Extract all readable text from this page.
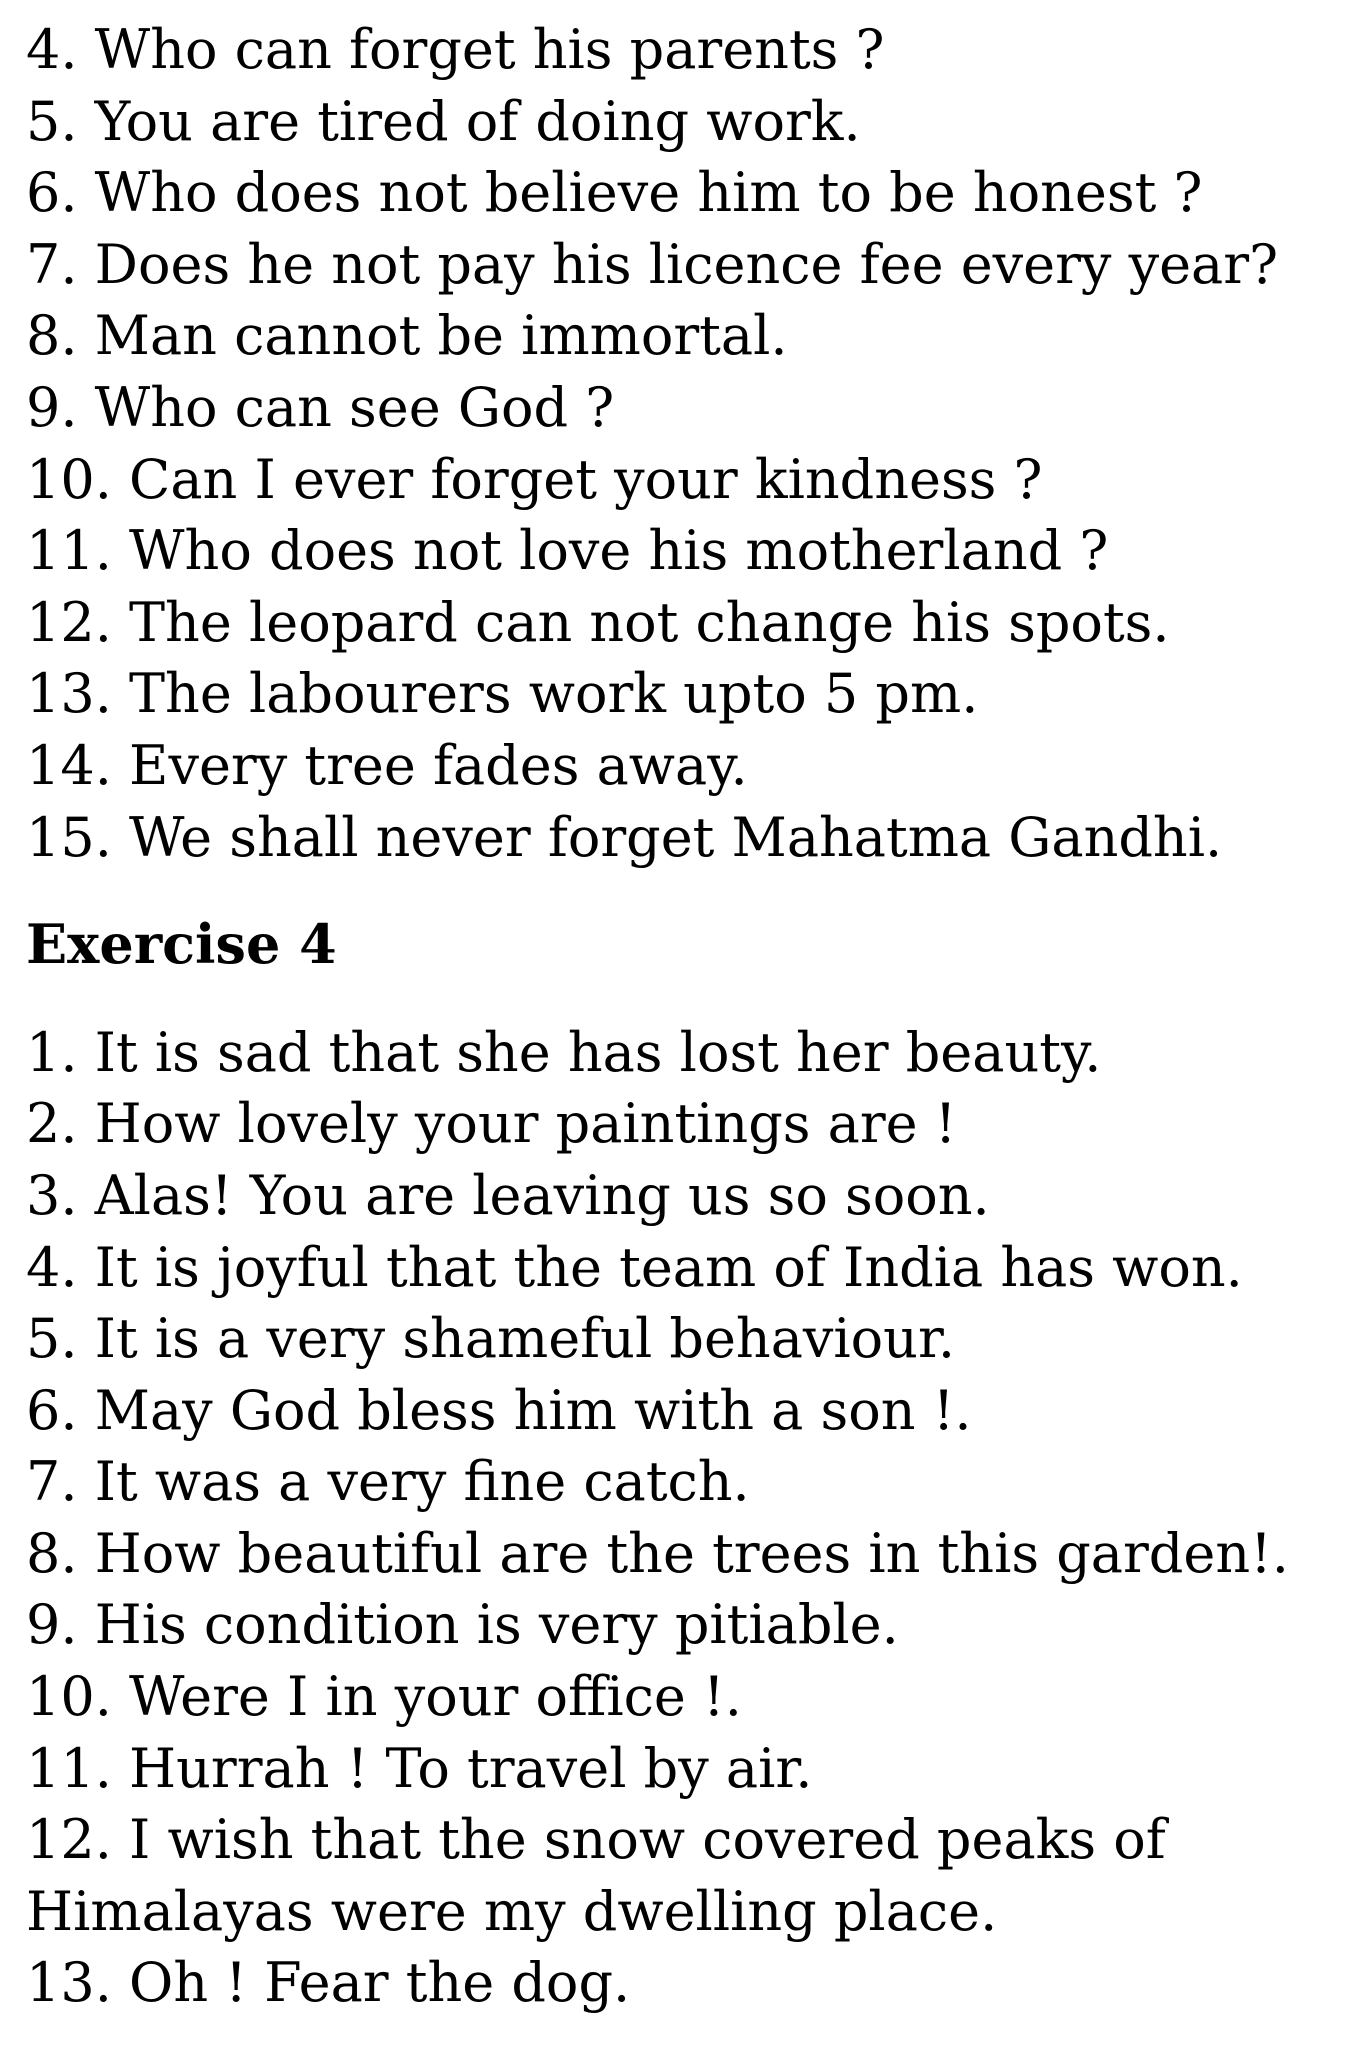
4. Who can forget his parents ?
5. You are tired of doing work.
6. Who does not believe him to be honest ?
7. Does he not pay his licence fee every year?
8. Man cannot be immortal.
9. Who can see God ?
10. Can I ever forget your kindness ?
11. Who does not love his motherland ?
12. The leopard can not change his spots.
13. The labourers work upto 5 pm.
14. Every tree fades away.
15. We shall never forget Mahatma Gandhi.
Exercise 4
1. It is sad that she has lost her beauty.
2. How lovely your paintings are !
3. Alas! You are leaving us so soon.
4. It is joyful that the team of India has won.
5. It is a very shameful behaviour.
6. May God bless him with a son !.
7. It was a very fine catch.
8. How beautiful are the trees in this garden!.
9. His condition is very pitiable.
10. Were I in your office !.
11. Hurrah ! To travel by air.
12. I wish that the snow covered peaks of Himalayas were my dwelling place.
13. Oh ! Fear the dog.
